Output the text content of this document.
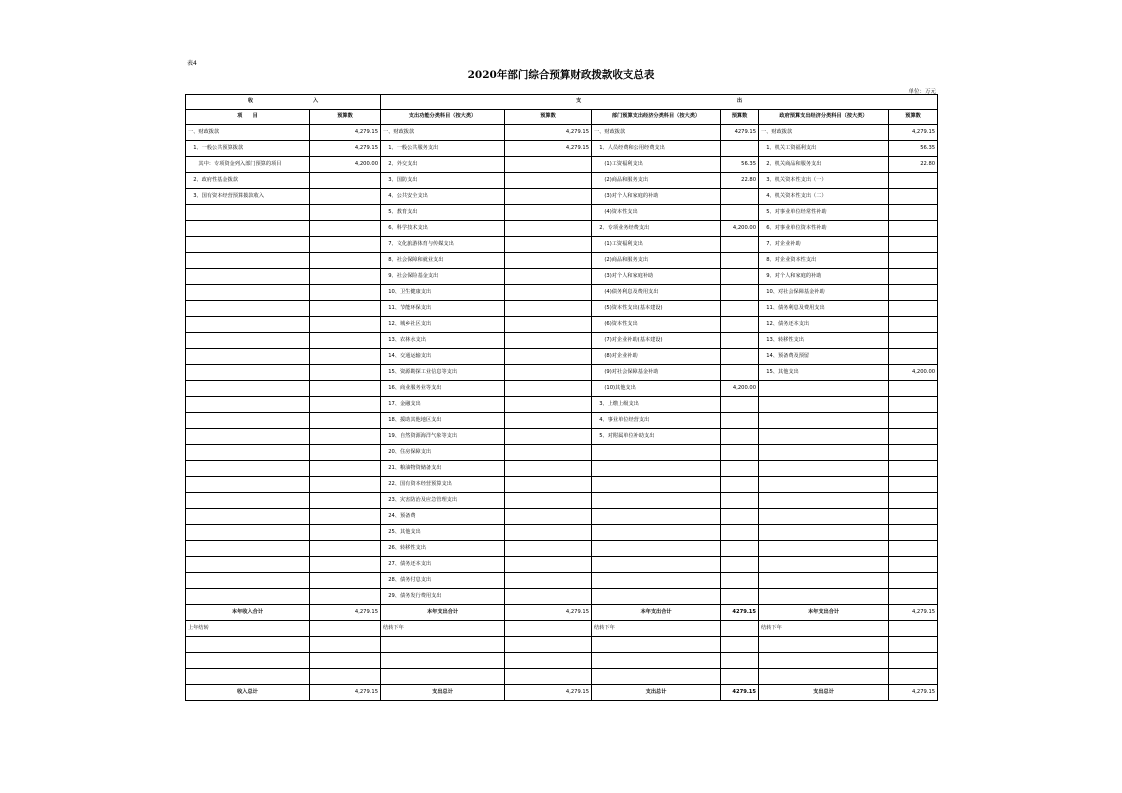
表4
2020年部门综合预算财政拨款收支总表
单位：万元
收　　　　　　　　　　 入		支　　　　　　　　　　　　　　　　　　　　　　　　　　　　　　 出					
项　　目	预算数	支出功能分类科目（按大类）	预算数	部门预算支出经济分类科目（按大类）	预算数	政府预算支出经济分类科目（按大类）	预算数
一、财政拨款	4,279.15	一、财政拨款	4,279.15	一、财政拨款	4279.15	一、财政拨款	4,279.15
　1、一般公共预算拨款	4,279.15	　1、一般公共服务支出	4,279.15	　1、人员经费和公用经费支出		　1、机关工资福利支出	56.35
　　其中：专项资金列入部门预算的项目	4,200.00	　2、外交支出		　　(1)工资福利支出	56.35	　2、机关商品和服务支出	22.80
　2、政府性基金拨款		　3、国防支出		　　(2)商品和服务支出	22.80	　3、机关资本性支出（一）	
　3、国有资本经营预算拨款收入		　4、公共安全支出		　　(3)对个人和家庭的补助		　4、机关资本性支出（二）	
		　5、教育支出		　　(4)资本性支出		　5、对事业单位经常性补助	
		　6、科学技术支出		　2、专项业务经费支出	4,200.00	　6、对事业单位资本性补助	
		　7、文化旅游体育与传媒支出		　　(1)工资福利支出		　7、对企业补助	
		　8、社会保障和就业支出		　　(2)商品和服务支出		　8、对企业资本性支出	
		　9、社会保险基金支出		　　(3)对个人和家庭补助		　9、对个人和家庭的补助	
		　10、卫生健康支出		　　(4)债务利息及费用支出		　10、对社会保障基金补助	
		　11、节能环保支出		　　(5)资本性支出(基本建设)		　11、债务利息及费用支出	
		　12、城乡社区支出		　　(6)资本性支出		　12、债务还本支出	
		　13、农林水支出		　　(7)对企业补助(基本建设)		　13、转移性支出	
		　14、交通运输支出		　　(8)对企业补助		　14、预备费及预留	
		　15、资源勘探工业信息等支出		　　(9)对社会保障基金补助		　15、其他支出	4,200.00
		　16、商业服务业等支出		　　(10)其他支出	4,200.00		
		　17、金融支出		　3、上缴上级支出			
		　18、援助其他地区支出		　4、事业单位经营支出			
		　19、自然资源海洋气象等支出		　5、对附属单位补助支出			
		　20、住房保障支出					
		　21、粮油物资储备支出					
		　22、国有资本经营预算支出					
		　23、灾害防治及应急管理支出					
		　24、预备费					
		　25、其他支出					
		　26、转移性支出					
		　27、债务还本支出					
		　28、债务付息支出					
		　29、债务发行费用支出					
本年收入合计	4,279.15	本年支出合计	4,279.15	本年支出合计	4279.15	本年支出合计	4,279.15
上年结转		结转下年		结转下年		结转下年	

收入总计	4,279.15	支出总计	4,279.15	支出总计	4279.15	支出总计	4,279.15
